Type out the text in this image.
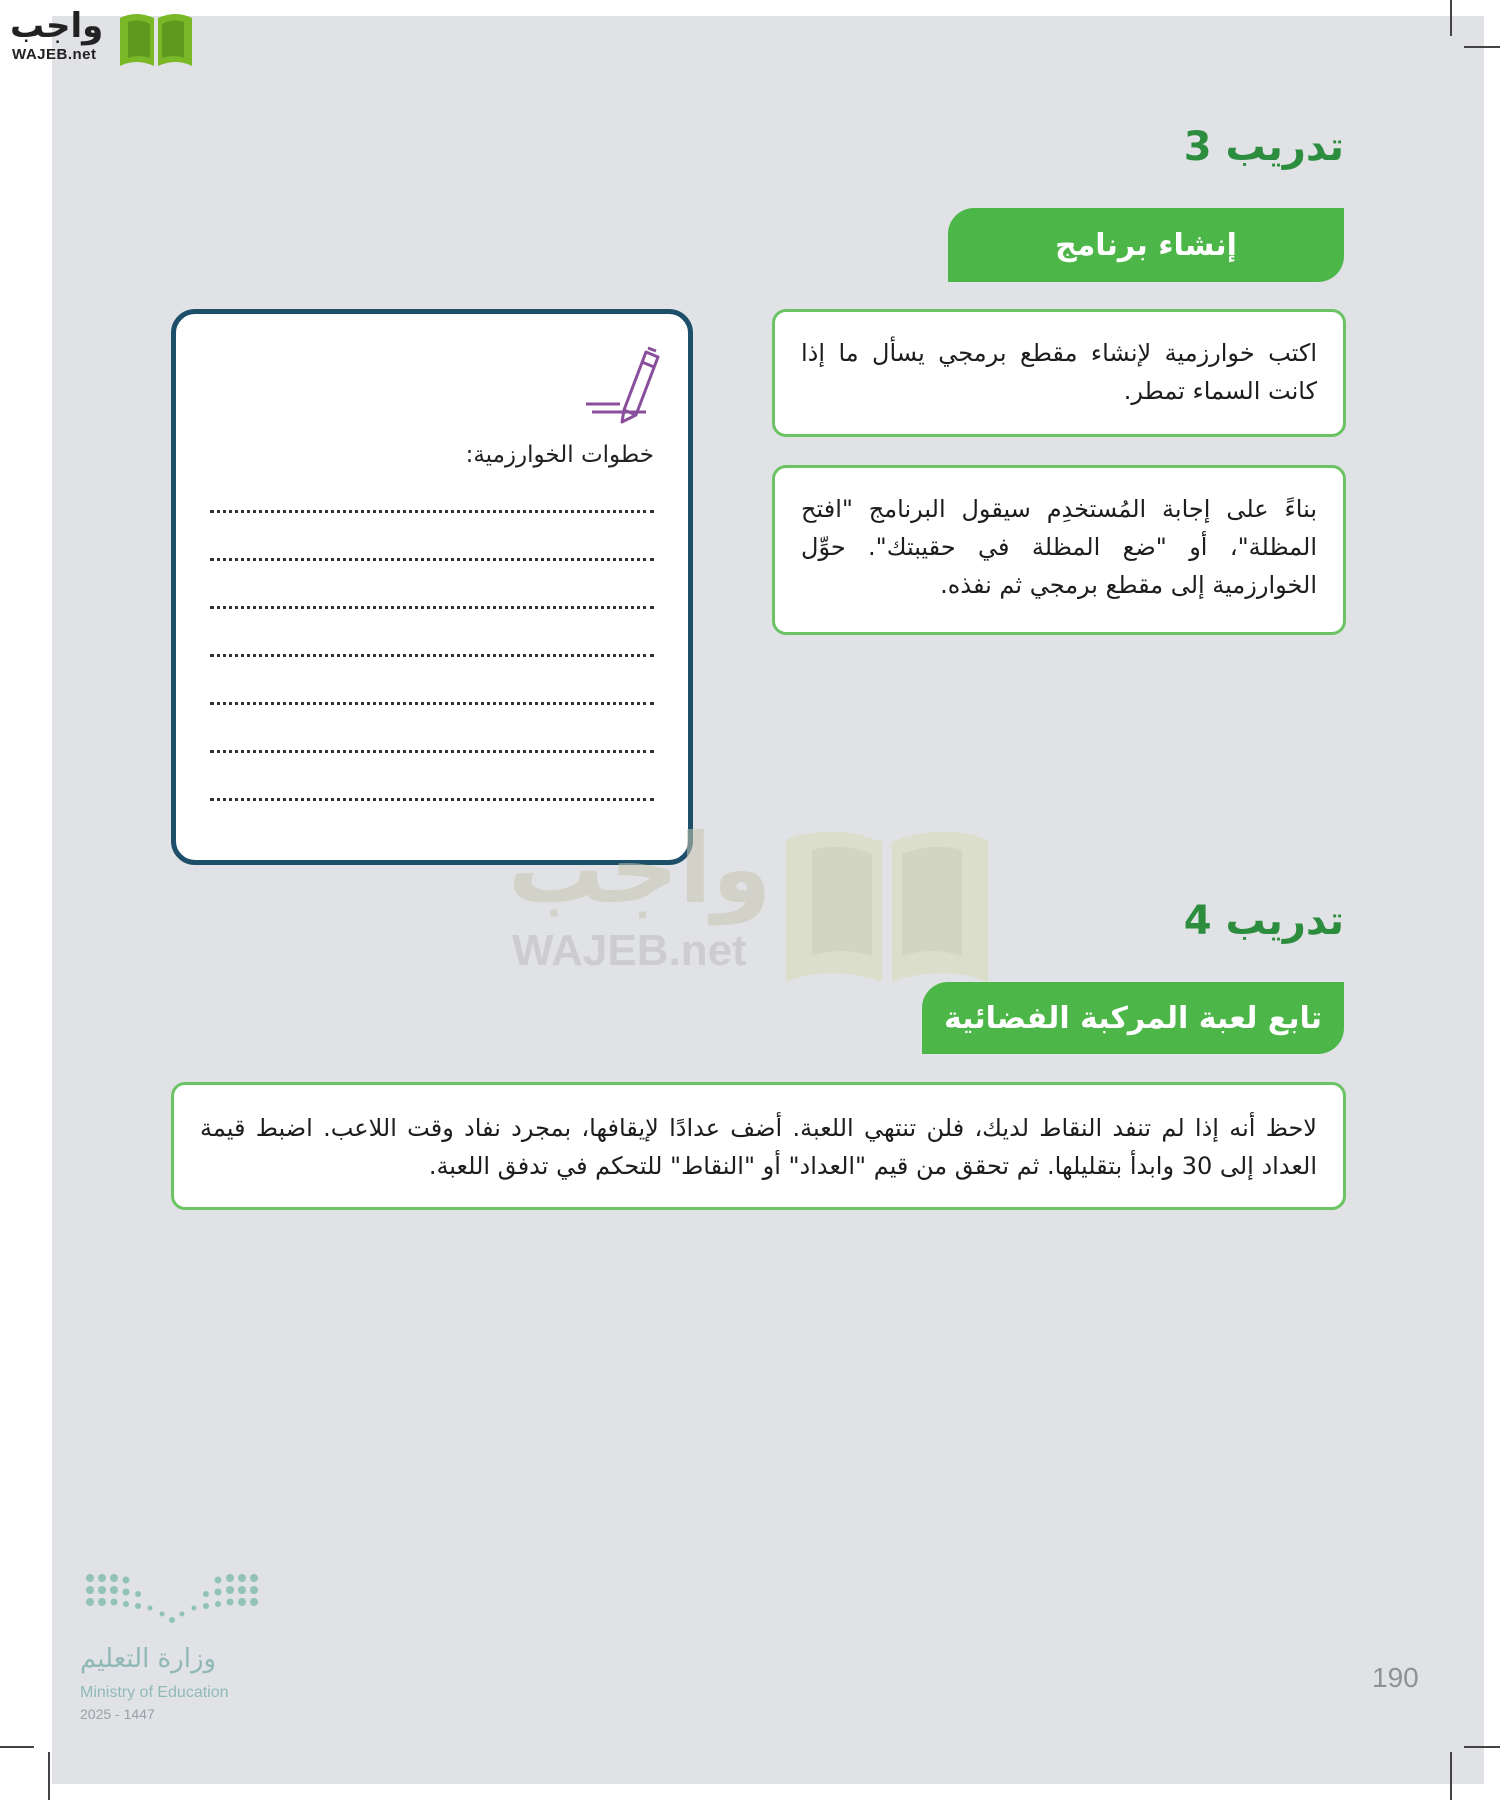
واجب
WAJEB.net
تدريب 3
إنشاء برنامج
اكتب خوارزمية لإنشاء مقطع برمجي يسأل ما إذا كانت السماء تمطر.
بناءً على إجابة المُستخدِم سيقول البرنامج "افتح المظلة"، أو "ضع المظلة في حقيبتك". حوِّل الخوارزمية إلى مقطع برمجي ثم نفذه.
خطوات الخوارزمية:
واجب
WAJEB.net
تدريب 4
تابع لعبة المركبة الفضائية
لاحظ أنه إذا لم تنفد النقاط لديك، فلن تنتهي اللعبة. أضف عدادًا لإيقافها، بمجرد نفاد وقت اللاعب. اضبط قيمة العداد إلى 30 وابدأ بتقليلها. ثم تحقق من قيم "العداد" أو "النقاط" للتحكم في تدفق اللعبة.
190
وزارة التعليم
Ministry of Education
2025 - 1447
